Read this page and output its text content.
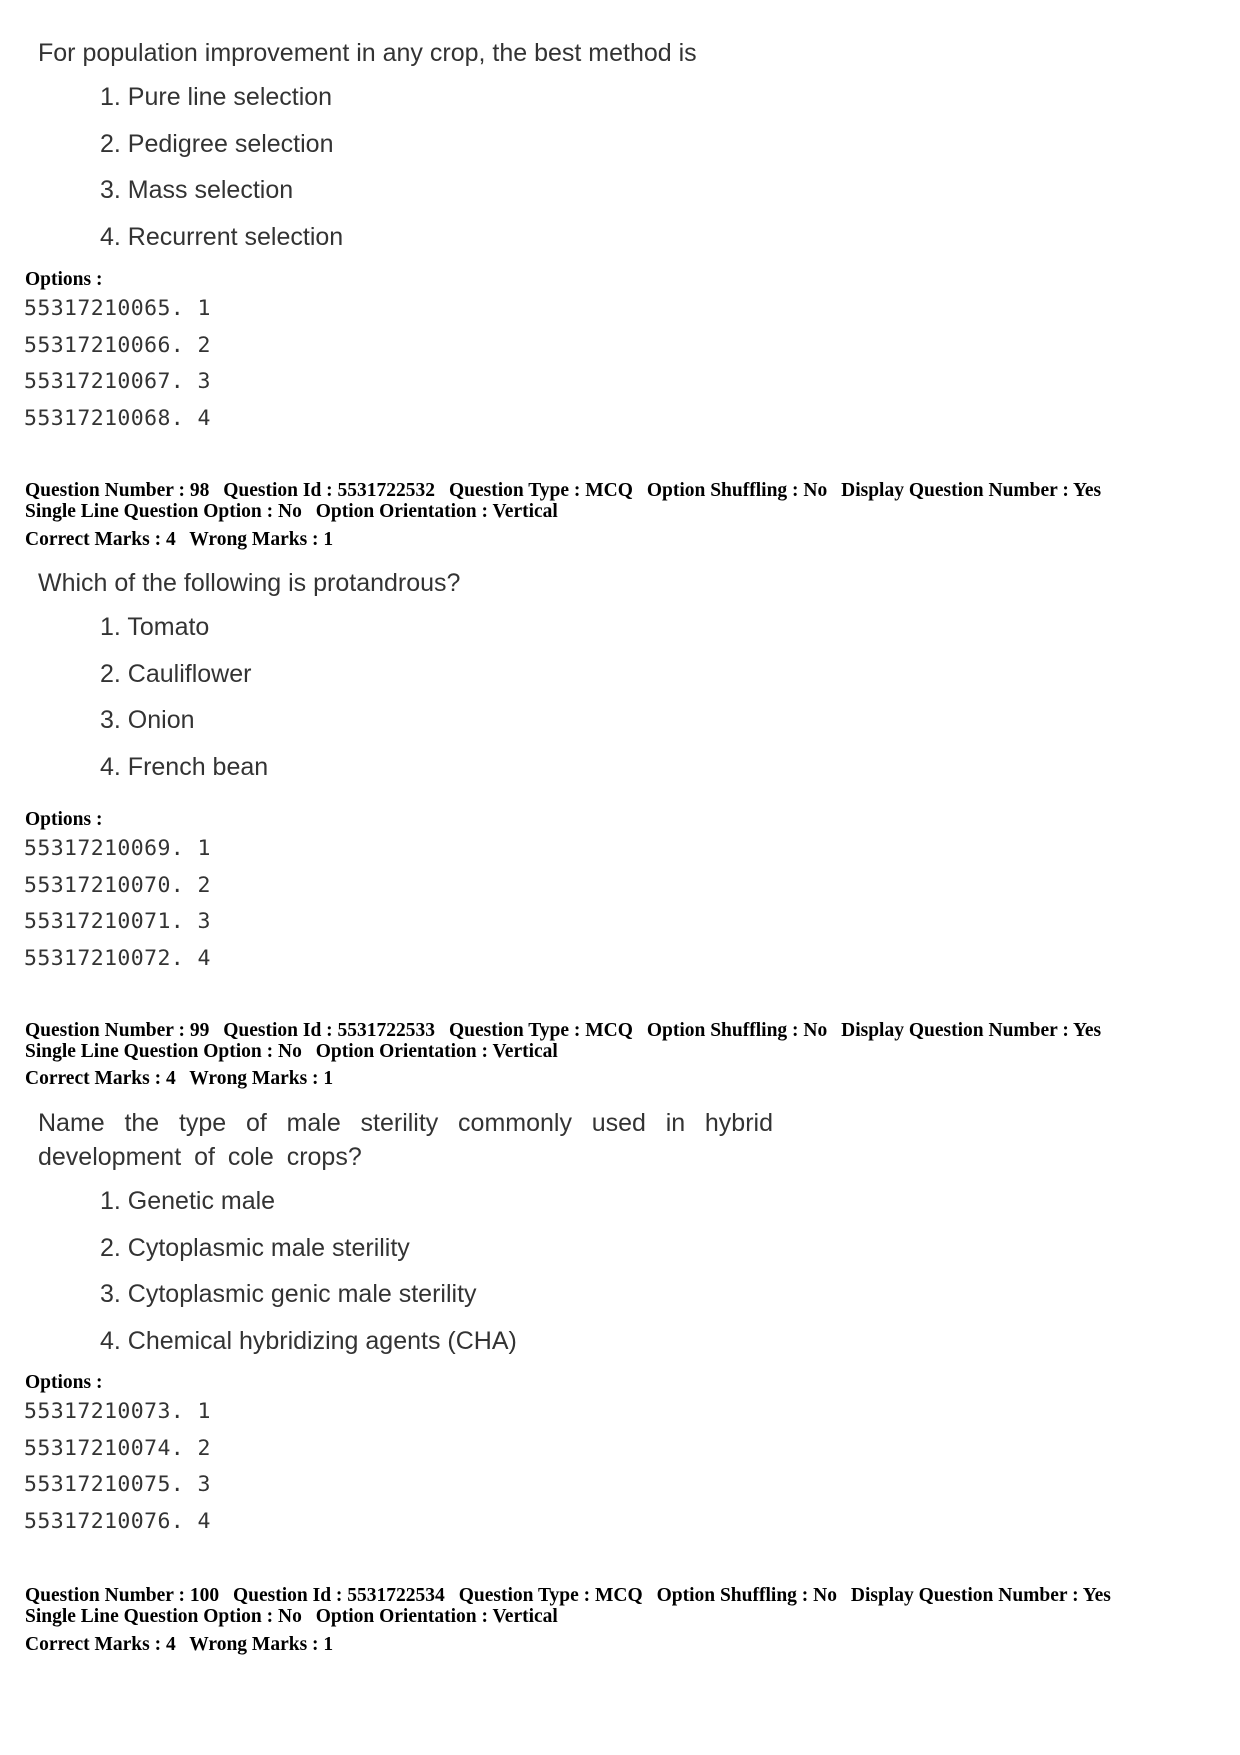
For population improvement in any crop, the best method is
1. Pure line selection
2. Pedigree selection
3. Mass selection
4. Recurrent selection
Options :
55317210065. 1
55317210066. 2
55317210067. 3
55317210068. 4
Question Number : 98 Question Id : 5531722532 Question Type : MCQ Option Shuffling : No Display Question Number : Yes
Single Line Question Option : No Option Orientation : Vertical
Correct Marks : 4 Wrong Marks : 1
Which of the following is protandrous?
1. Tomato
2. Cauliflower
3. Onion
4. French bean
Options :
55317210069. 1
55317210070. 2
55317210071. 3
55317210072. 4
Question Number : 99 Question Id : 5531722533 Question Type : MCQ Option Shuffling : No Display Question Number : Yes
Single Line Question Option : No Option Orientation : Vertical
Correct Marks : 4 Wrong Marks : 1
Name the type of male sterility commonly used in hybrid development of cole crops?
1. Genetic male
2. Cytoplasmic male sterility
3. Cytoplasmic genic male sterility
4. Chemical hybridizing agents (CHA)
Options :
55317210073. 1
55317210074. 2
55317210075. 3
55317210076. 4
Question Number : 100 Question Id : 5531722534 Question Type : MCQ Option Shuffling : No Display Question Number : Yes
Single Line Question Option : No Option Orientation : Vertical
Correct Marks : 4 Wrong Marks : 1
